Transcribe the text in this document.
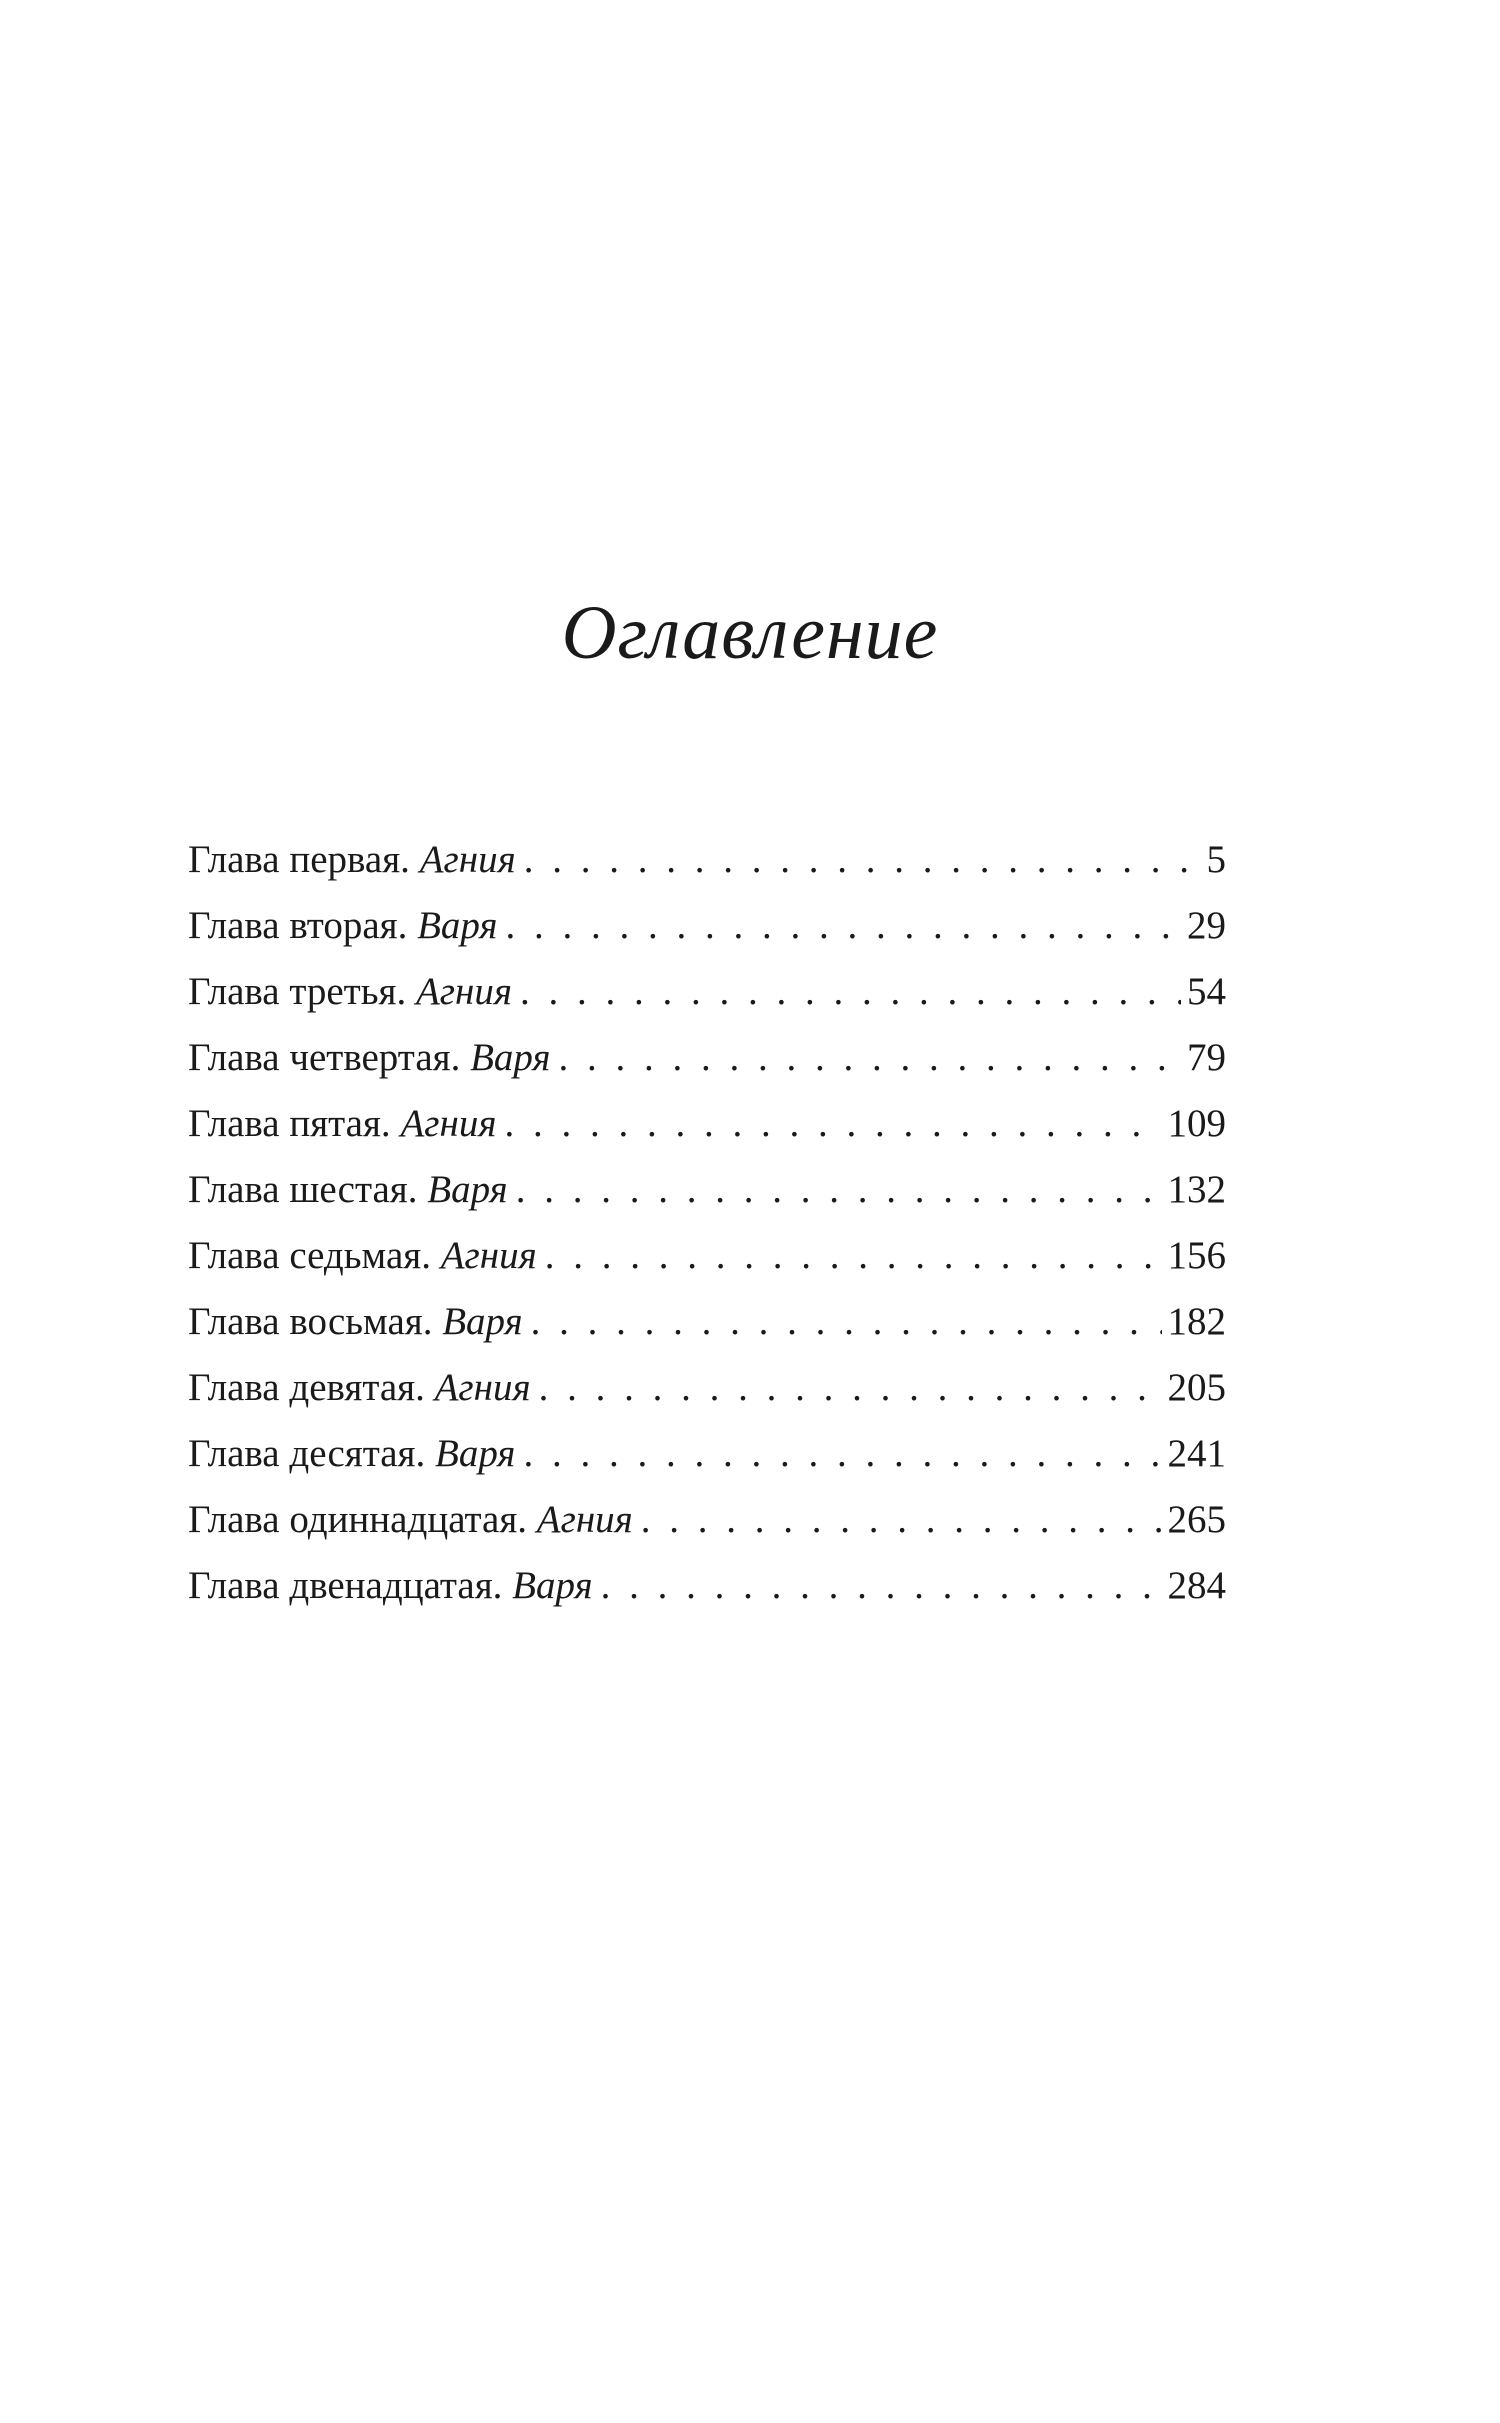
Оглавление
Глава первая. Агния . . .	5
Глава вторая. Варя . . .	29
Глава третья. Агния . . .	54
Глава четвертая. Варя . . .	79
Глава пятая. Агния . . .	109
Глава шестая. Варя . . .	132
Глава седьмая. Агния . . .	156
Глава восьмая. Варя . . .	182
Глава девятая. Агния . . .	205
Глава десятая. Варя . . .	241
Глава одиннадцатая. Агния . . .	265
Глава двенадцатая. Варя . . .	284
